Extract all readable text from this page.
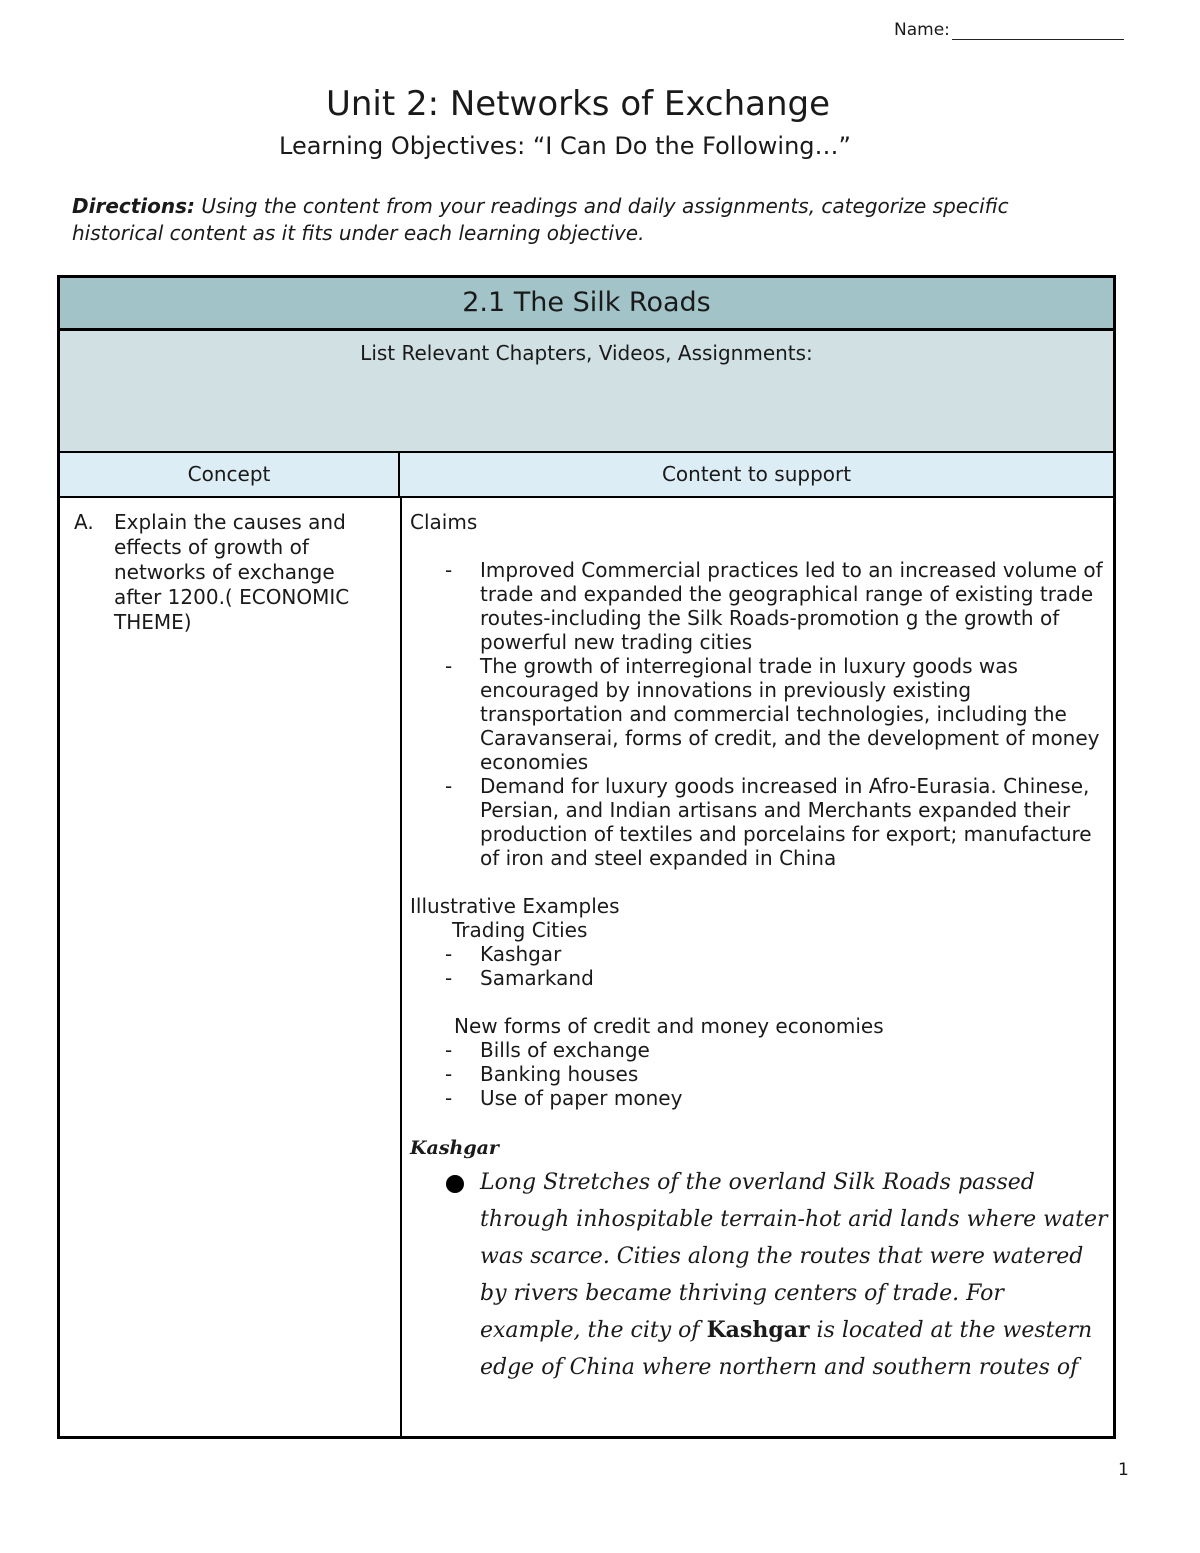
Name:
Unit 2: Networks of Exchange
Learning Objectives: “I Can Do the Following…”
Directions: Using the content from your readings and daily assignments, categorize specific historical content as it fits under each learning objective.
2.1 The Silk Roads
List Relevant Chapters, Videos, Assignments:
Concept	Content to support
A. Explain the causes and effects of growth of networks of exchange after 1200.( ECONOMIC THEME)

Claims

- Improved Commercial practices led to an increased volume of trade and expanded the geographical range of existing trade routes-including the Silk Roads-promotion g the growth of powerful new trading cities
- The growth of interregional trade in luxury goods was encouraged by innovations in previously existing transportation and commercial technologies, including the Caravanserai, forms of credit, and the development of money economies
- Demand for luxury goods increased in Afro-Eurasia. Chinese, Persian, and Indian artisans and Merchants expanded their production of textiles and porcelains for export; manufacture of iron and steel expanded in China

Illustrative Examples

Trading Cities

- Kashgar
- Samarkand

New forms of credit and money economies

- Bills of exchange
- Banking houses
- Use of paper money
Kashgar
Long Stretches of the overland Silk Roads passed through inhospitable terrain-hot arid lands where water was scarce. Cities along the routes that were watered by rivers became thriving centers of trade. For example, the city of Kashgar is located at the western edge of China where northern and southern routes of
1
